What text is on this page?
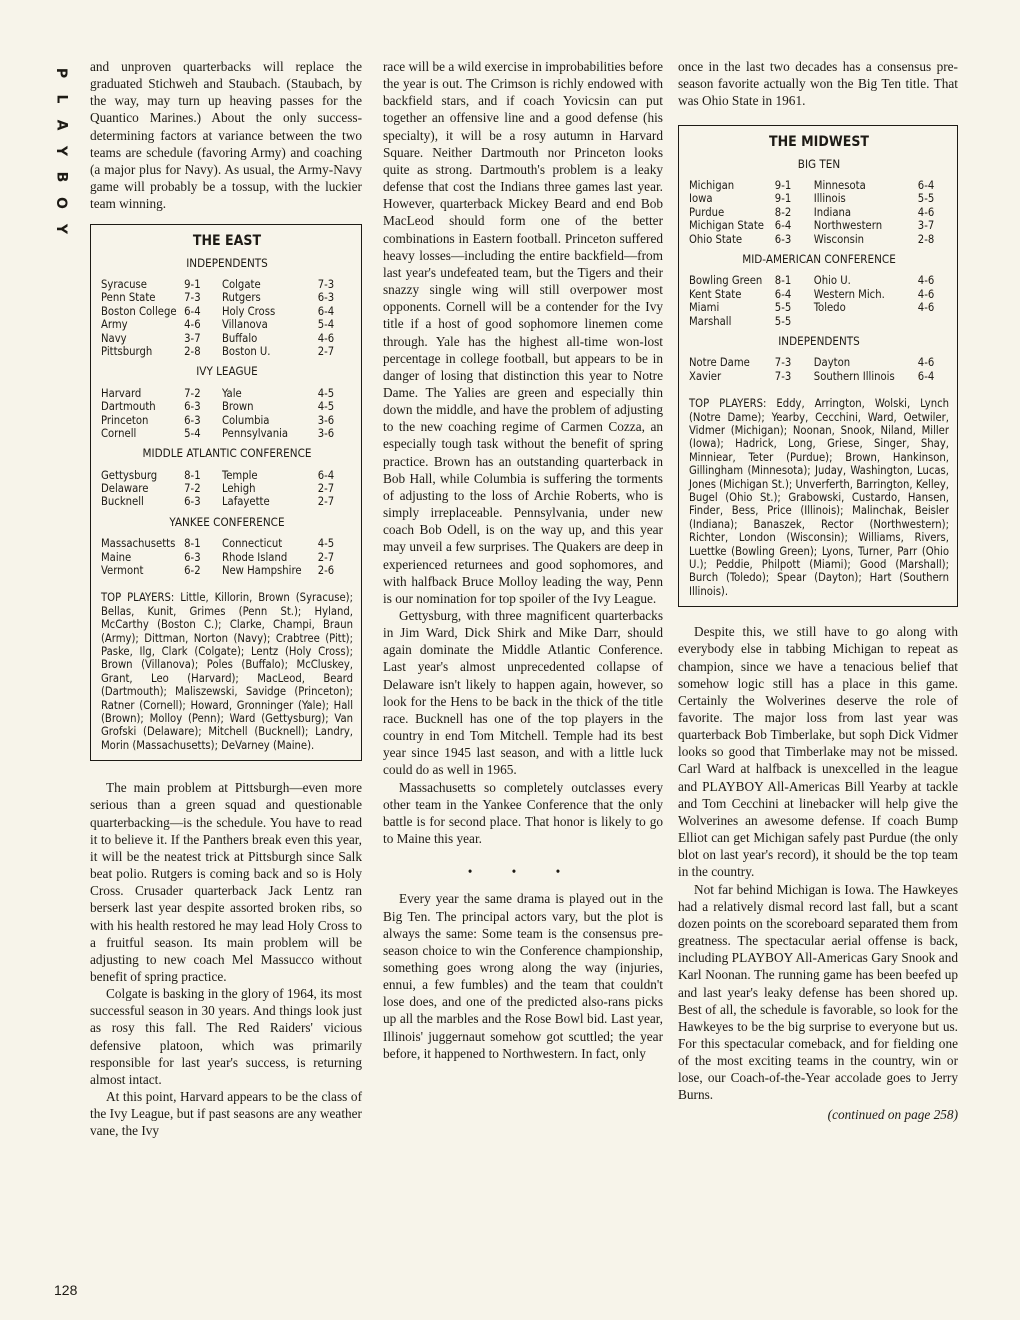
P
L
A
Y
B
O
Y
128

and unproven quarterbacks will replace the graduated Stichweh and Staubach. (Staubach, by the way, may turn up heaving passes for the Quantico Marines.) About the only success-determining factors at variance between the two teams are schedule (favoring Army) and coaching (a major plus for Navy). As usual, the Army-Navy game will probably be a tossup, with the luckier team winning.

THE EAST
INDEPENDENTS
Syracuse	9-1	Colgate	7-3
Penn State	7-3	Rutgers	6-3
Boston College	6-4	Holy Cross	6-4
Army	4-6	Villanova	5-4
Navy	3-7	Buffalo	4-6
Pittsburgh	2-8	Boston U.	2-7
IVY LEAGUE
Harvard	7-2	Yale	4-5
Dartmouth	6-3	Brown	4-5
Princeton	6-3	Columbia	3-6
Cornell	5-4	Pennsylvania	3-6
MIDDLE ATLANTIC CONFERENCE
Gettysburg	8-1	Temple	6-4
Delaware	7-2	Lehigh	2-7
Bucknell	6-3	Lafayette	2-7
YANKEE CONFERENCE
Massachusetts	8-1	Connecticut	4-5
Maine	6-3	Rhode Island	2-7
Vermont	6-2	New Hampshire	2-6
TOP PLAYERS: Little, Killorin, Brown (Syracuse); Bellas, Kunit, Grimes (Penn St.); Hyland, McCarthy (Boston C.); Clarke, Champi, Braun (Army); Dittman, Norton (Navy); Crabtree (Pitt); Paske, Ilg, Clark (Colgate); Lentz (Holy Cross); Brown (Villanova); Poles (Buffalo); McCluskey, Grant, Leo (Harvard); MacLeod, Beard (Dartmouth); Maliszewski, Savidge (Princeton); Ratner (Cornell); Howard, Gronninger (Yale); Hall (Brown); Molloy (Penn); Ward (Gettysburg); Van Grofski (Delaware); Mitchell (Bucknell); Landry, Morin (Massachusetts); DeVarney (Maine).

The main problem at Pittsburgh—even more serious than a green squad and questionable quarterbacking—is the schedule. You have to read it to believe it. If the Panthers break even this year, it will be the neatest trick at Pittsburgh since Salk beat polio. Rutgers is coming back and so is Holy Cross. Crusader quarterback Jack Lentz ran berserk last year despite assorted broken ribs, so with his health restored he may lead Holy Cross to a fruitful season. Its main problem will be adjusting to new coach Mel Massucco without benefit of spring practice.

Colgate is basking in the glory of 1964, its most successful season in 30 years. And things look just as rosy this fall. The Red Raiders' vicious defensive platoon, which was primarily responsible for last year's success, is returning almost intact.

At this point, Harvard appears to be the class of the Ivy League, but if past seasons are any weather vane, the Ivy

race will be a wild exercise in improbabilities before the year is out. The Crimson is richly endowed with backfield stars, and if coach Yovicsin can put together an offensive line and a good defense (his specialty), it will be a rosy autumn in Harvard Square. Neither Dartmouth nor Princeton looks quite as strong. Dartmouth's problem is a leaky defense that cost the Indians three games last year. However, quarterback Mickey Beard and end Bob MacLeod should form one of the better combinations in Eastern football. Princeton suffered heavy losses—including the entire backfield—from last year's undefeated team, but the Tigers and their snazzy single wing will still overpower most opponents. Cornell will be a contender for the Ivy title if a host of good sophomore linemen come through. Yale has the highest all-time won-lost percentage in college football, but appears to be in danger of losing that distinction this year to Notre Dame. The Yalies are green and especially thin down the middle, and have the problem of adjusting to the new coaching regime of Carmen Cozza, an especially tough task without the benefit of spring practice. Brown has an outstanding quarterback in Bob Hall, while Columbia is suffering the torments of adjusting to the loss of Archie Roberts, who is simply irreplaceable. Pennsylvania, under new coach Bob Odell, is on the way up, and this year may unveil a few surprises. The Quakers are deep in experienced returnees and good sophomores, and with halfback Bruce Molloy leading the way, Penn is our nomination for top spoiler of the Ivy League.

Gettysburg, with three magnificent quarterbacks in Jim Ward, Dick Shirk and Mike Darr, should again dominate the Middle Atlantic Conference. Last year's almost unprecedented collapse of Delaware isn't likely to happen again, however, so look for the Hens to be back in the thick of the title race. Bucknell has one of the top players in the country in end Tom Mitchell. Temple had its best year since 1945 last season, and with a little luck could do as well in 1965.

Massachusetts so completely outclasses every other team in the Yankee Conference that the only battle is for second place. That honor is likely to go to Maine this year.

• • •

Every year the same drama is played out in the Big Ten. The principal actors vary, but the plot is always the same: Some team is the consensus pre-season choice to win the Conference championship, something goes wrong along the way (injuries, ennui, a few fumbles) and the team that couldn't lose does, and one of the predicted also-rans picks up all the marbles and the Rose Bowl bid. Last year, Illinois' juggernaut somehow got scuttled; the year before, it happened to Northwestern. In fact, only

once in the last two decades has a consensus pre-season favorite actually won the Big Ten title. That was Ohio State in 1961.

THE MIDWEST
BIG TEN
Michigan	9-1	Minnesota	6-4
Iowa	9-1	Illinois	5-5
Purdue	8-2	Indiana	4-6
Michigan State	6-4	Northwestern	3-7
Ohio State	6-3	Wisconsin	2-8
MID-AMERICAN CONFERENCE
Bowling Green	8-1	Ohio U.	4-6
Kent State	6-4	Western Mich.	4-6
Miami	5-5	Toledo	4-6
Marshall	5-5		
INDEPENDENTS
Notre Dame	7-3	Dayton	4-6
Xavier	7-3	Southern Illinois	6-4
TOP PLAYERS: Eddy, Arrington, Wolski, Lynch (Notre Dame); Yearby, Cecchini, Ward, Oetwiler, Vidmer (Michigan); Noonan, Snook, Niland, Miller (Iowa); Hadrick, Long, Griese, Singer, Shay, Minniear, Teter (Purdue); Brown, Hankinson, Gillingham (Minnesota); Juday, Washington, Lucas, Jones (Michigan St.); Unverferth, Barrington, Kelley, Bugel (Ohio St.); Grabowski, Custardo, Hansen, Finder, Bess, Price (Illinois); Malinchak, Beisler (Indiana); Banaszek, Rector (Northwestern); Richter, London (Wisconsin); Williams, Rivers, Luettke (Bowling Green); Lyons, Turner, Parr (Ohio U.); Peddie, Philpott (Miami); Good (Marshall); Burch (Toledo); Spear (Dayton); Hart (Southern Illinois).

Despite this, we still have to go along with everybody else in tabbing Michigan to repeat as champion, since we have a tenacious belief that somehow logic still has a place in this game. Certainly the Wolverines deserve the role of favorite. The major loss from last year was quarterback Bob Timberlake, but soph Dick Vidmer looks so good that Timberlake may not be missed. Carl Ward at halfback is unexcelled in the league and PLAYBOY All-Americas Bill Yearby at tackle and Tom Cecchini at linebacker will help give the Wolverines an awesome defense. If coach Bump Elliot can get Michigan safely past Purdue (the only blot on last year's record), it should be the top team in the country.

Not far behind Michigan is Iowa. The Hawkeyes had a relatively dismal record last fall, but a scant dozen points on the scoreboard separated them from greatness. The spectacular aerial offense is back, including PLAYBOY All-Americas Gary Snook and Karl Noonan. The running game has been beefed up and last year's leaky defense has been shored up. Best of all, the schedule is favorable, so look for the Hawkeyes to be the big surprise to everyone but us. For this spectacular comeback, and for fielding one of the most exciting teams in the country, win or lose, our Coach-of-the-Year accolade goes to Jerry Burns.

(continued on page 258)
